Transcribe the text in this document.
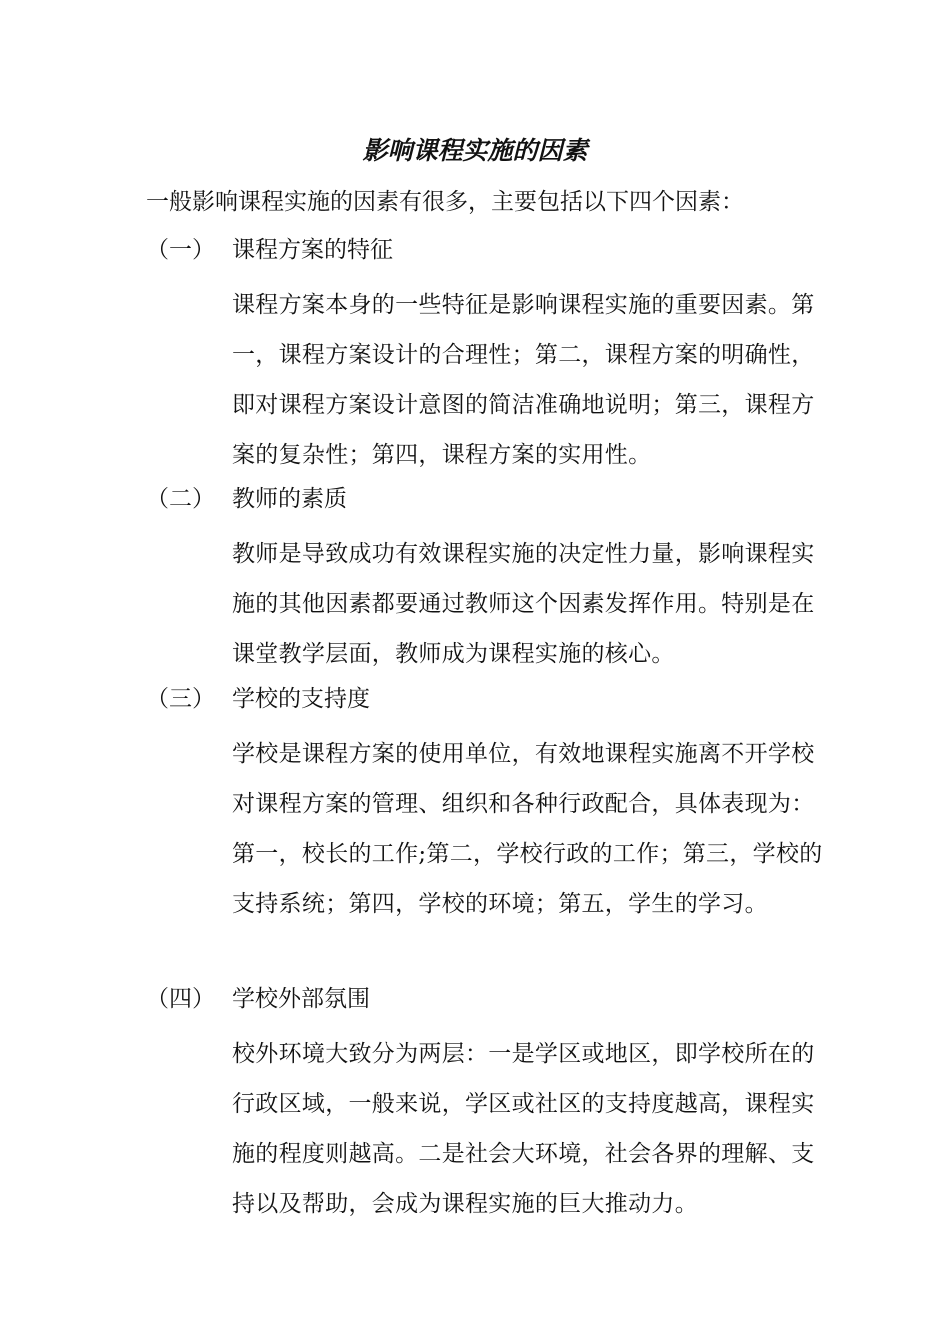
影响课程实施的因素

一般影响课程实施的因素有很多，主要包括以下四个因素：

（一） 课程方案的特征

课程方案本身的一些特征是影响课程实施的重要因素。第一，课程方案设计的合理性；第二，课程方案的明确性，即对课程方案设计意图的简洁准确地说明；第三，课程方案的复杂性；第四，课程方案的实用性。

（二） 教师的素质

教师是导致成功有效课程实施的决定性力量，影响课程实施的其他因素都要通过教师这个因素发挥作用。特别是在课堂教学层面，教师成为课程实施的核心。

（三） 学校的支持度

学校是课程方案的使用单位，有效地课程实施离不开学校对课程方案的管理、组织和各种行政配合，具体表现为：第一，校长的工作;第二，学校行政的工作；第三，学校的支持系统；第四，学校的环境；第五，学生的学习。

（四） 学校外部氛围

校外环境大致分为两层：一是学区或地区，即学校所在的行政区域，一般来说，学区或社区的支持度越高，课程实施的程度则越高。二是社会大环境，社会各界的理解、支持以及帮助，会成为课程实施的巨大推动力。
